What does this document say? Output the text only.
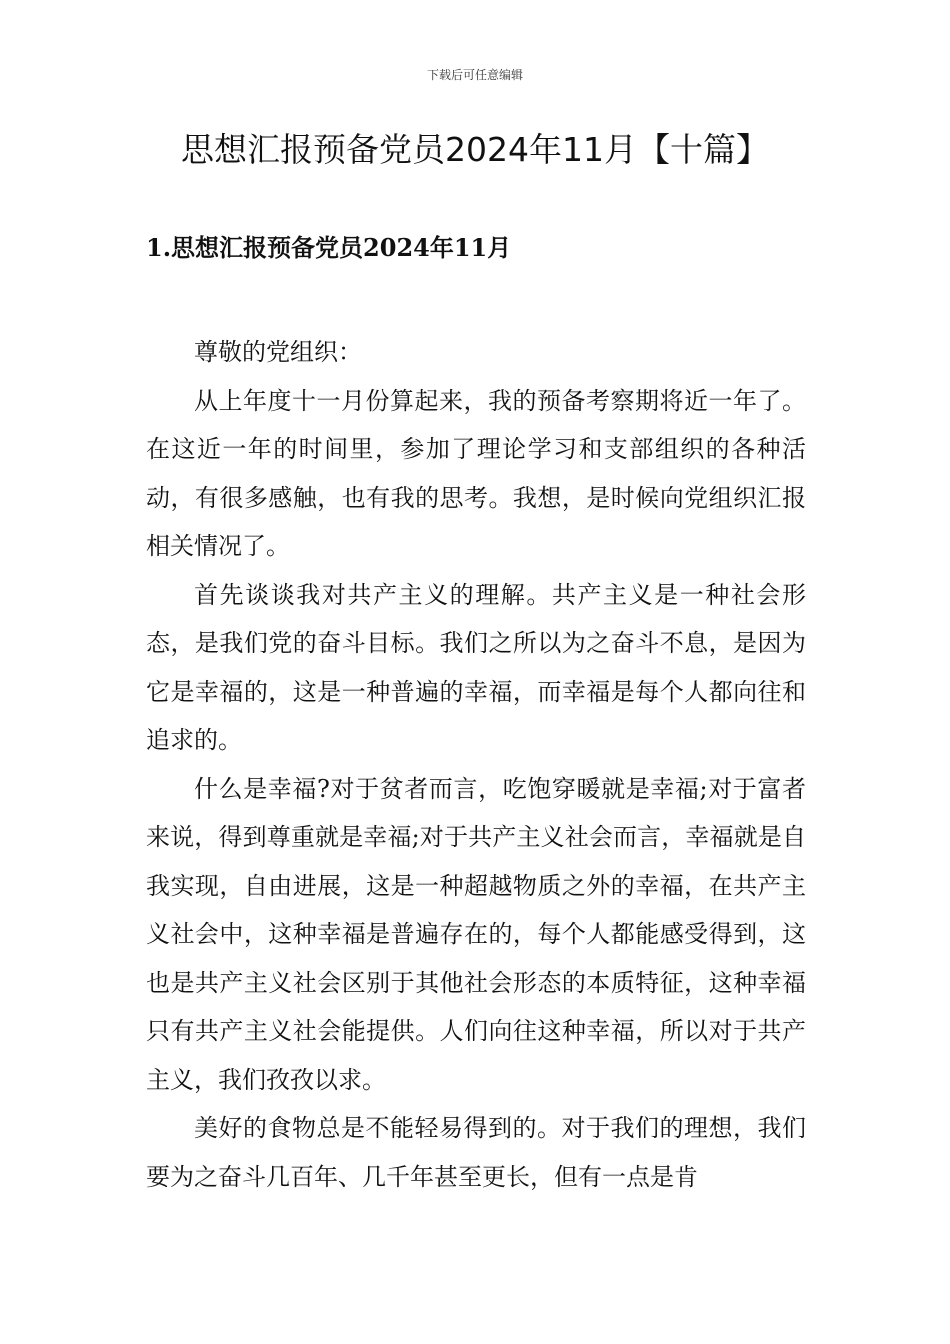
下载后可任意编辑
思想汇报预备党员2024年11月【十篇】
1.思想汇报预备党员2024年11月

尊敬的党组织：

从上年度十一月份算起来，我的预备考察期将近一年了。在这近一年的时间里，参加了理论学习和支部组织的各种活动，有很多感触，也有我的思考。我想，是时候向党组织汇报相关情况了。

首先谈谈我对共产主义的理解。共产主义是一种社会形态，是我们党的奋斗目标。我们之所以为之奋斗不息，是因为它是幸福的，这是一种普遍的幸福，而幸福是每个人都向往和追求的。

什么是幸福?对于贫者而言，吃饱穿暖就是幸福;对于富者来说，得到尊重就是幸福;对于共产主义社会而言，幸福就是自我实现，自由进展，这是一种超越物质之外的幸福，在共产主义社会中，这种幸福是普遍存在的，每个人都能感受得到，这也是共产主义社会区别于其他社会形态的本质特征，这种幸福只有共产主义社会能提供。人们向往这种幸福，所以对于共产主义，我们孜孜以求。

美好的食物总是不能轻易得到的。对于我们的理想，我们要为之奋斗几百年、几千年甚至更长，但有一点是肯
